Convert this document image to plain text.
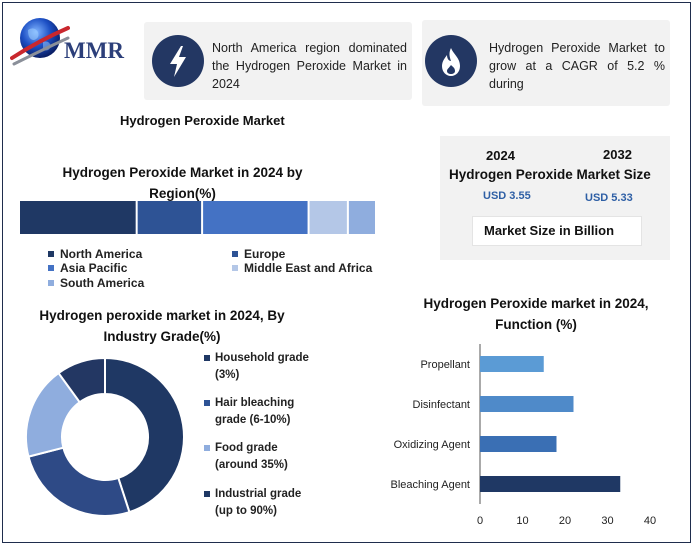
MMR	North America region dominated the Hydrogen Peroxide Market in 2024
Hydrogen Peroxide Market to grow at a CAGR of 5.2 % during
Hydrogen Peroxide Market
2024	2032
Hydrogen Peroxide Market Size
USD 3.55	USD 5.33
Market Size in Billion
Hydrogen Peroxide Market in 2024 by Region(%)
North America	Europe
Asia Pacific	Middle East and Africa
South America
Hydrogen peroxide market in 2024, By Industry Grade(%)
Household grade (3%)
Hair bleaching grade (6-10%)
Food grade (around 35%)
Industrial grade (up to 90%)
Hydrogen Peroxide market in 2024, Function (%)
Propellant
Disinfectant
Oxidizing Agent
Bleaching Agent
0	10	20	30	40
